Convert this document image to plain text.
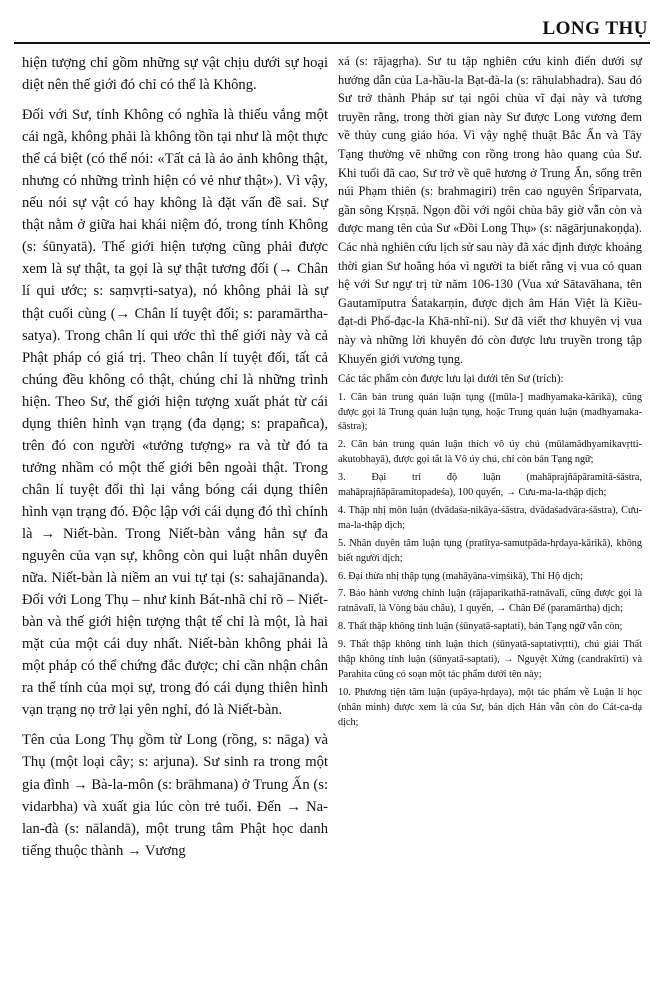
LONG THỤ

hiện tượng chỉ gồm những sự vật chịu dưới sự hoại diệt nên thế giới đó chỉ có thể là Không.

Đối với Sư, tính Không có nghĩa là thiếu vắng một cái ngã, không phải là không tồn tại như là một thực thể cá biệt (có thể nói: «Tất cả là ảo ảnh không thật, nhưng có những trình hiện có vẻ như thật»). Vì vậy, nếu nói sự vật có hay không là đặt vấn đề sai. Sự thật nằm ở giữa hai khái niệm đó, trong tính Không (s: śūnyatā). Thế giới hiện tượng cũng phải được xem là sự thật, ta gọi là sự thật tương đối (→ Chân lí qui ước; s: saṃvṛti-satya), nó không phải là sự thật cuối cùng (→ Chân lí tuyệt đối; s: paramārtha-satya). Trong chân lí qui ước thì thế giới này và cả Phật pháp có giá trị. Theo chân lí tuyệt đối, tất cả chúng đều không có thật, chúng chỉ là những trình hiện. Theo Sư, thế giới hiện tượng xuất phát từ cái dụng thiên hình vạn trạng (đa dạng; s: prapañca), trên đó con người «tưởng tượng» ra và từ đó ta tưởng nhầm có một thế giới bên ngoài thật. Trong chân lí tuyệt đối thì lại vắng bóng cái dụng thiên hình vạn trạng đó. Độc lập với cái dụng đó thì chính là → Niết-bàn. Trong Niết-bàn vắng hẳn sự đa nguyên của vạn sự, không còn qui luật nhân duyên nữa. Niết-bàn là niềm an vui tự tại (s: sahajānanda). Đối với Long Thụ – như kinh Bát-nhã chỉ rõ – Niết-bàn và thế giới hiện tượng thật tế chỉ là một, là hai mặt của một cái duy nhất. Niết-bàn không phải là một pháp có thể chứng đắc được; chỉ cần nhận chân ra thể tính của mọi sự, trong đó cái dụng thiên hình vạn trạng nọ trở lại yên nghỉ, đó là Niết-bàn.

Tên của Long Thụ gồm từ Long (rồng, s: nāga) và Thụ (một loại cây; s: arjuna). Sư sinh ra trong một gia đình → Bà-la-môn (s: brāhmana) ở Trung Ấn (s: vidarbha) và xuất gia lúc còn trẻ tuổi. Đến → Na-lan-đà (s: nālandā), một trung tâm Phật học danh tiếng thuộc thành → Vương

xá (s: rājagṛha). Sư tu tập nghiên cứu kinh điển dưới sự hướng dẫn của La-hầu-la Bạt-đà-la (s: rāhulabhadra). Sau đó Sư trở thành Pháp sư tại ngôi chùa vĩ đại này và tương truyền rằng, trong thời gian này Sư được Long vương đem về thủy cung giáo hóa. Vì vậy nghệ thuật Bắc Ấn và Tây Tạng thường vẽ những con rồng trong hào quang của Sư. Khi tuổi đã cao, Sư trở về quê hương ở Trung Ấn, sống trên núi Phạm thiên (s: brahmagiri) trên cao nguyên Śrīparvata, gần sông Kṛṣṇā. Ngọn đồi với ngôi chùa bây giờ vẫn còn và được mang tên của Sư «Đồi Long Thụ» (s: nāgārjunakoṇḍa). Các nhà nghiên cứu lịch sử sau này đã xác định được khoảng thời gian Sư hoằng hóa vì người ta biết rằng vị vua có quan hệ với Sư ngự trị từ năm 106-130 (Vua xứ Sātavāhana, tên Gautamīputra Śatakarṇin, được dịch âm Hán Việt là Kiều-đạt-di Phổ-đạc-la Khā-nhĩ-ni). Sư đã viết thơ khuyên vị vua này và những lời khuyên đó còn được lưu truyền trong tập Khuyến giới vương tụng.

Các tác phẩm còn được lưu lại dưới tên Sư (trích):

1. Căn bản trung quán luận tụng ([mūla-] madhyamaka-kārikā), cũng được gọi là Trung quán luận tụng, hoặc Trung quán luận (madhyamaka-śāstra);

2. Căn bản trung quán luận thích vô úy chú (mūlamādhyamikavṛtti-akutobhayā), được gọi tắt là Vô úy chú, chỉ còn bản Tạng ngữ;

3. Đại trí độ luận (mahāprajñāpāramitā-śāstra, mahāprajñāpāramitopadeśa), 100 quyển, → Cưu-ma-la-thập dịch;

4. Thập nhị môn luận (dvādaśa-nikāya-śāstra, dvādaśadvāra-śāstra), Cưu-ma-la-thập dịch;

5. Nhân duyên tâm luận tụng (pratītya-samutpāda-hṛdaya-kārikā), không biết người dịch;

6. Đại thừa nhị thập tụng (mahāyāna-viṃśikā), Thi Hộ dịch;

7. Bảo hành vương chính luận (rājaparikathā-ratnāvalī, cũng được gọi là ratnāvalī, là Vòng báu châu), 1 quyển, → Chân Đế (paramārtha) dịch;

8. Thất thập không tính luận (śūnyatā-saptati), bản Tạng ngữ vẫn còn;

9. Thất thập không tính luận thích (śūnyatā-saptativṛtti), chú giải Thất thập không tính luận (śūnyatā-saptati), → Nguyệt Xứng (candrakīrti) và Parahita cũng có soạn một tác phẩm dưới tên này;

10. Phương tiện tâm luận (upāya-hṛdaya), một tác phẩm về Luận lí học (nhân minh) được xem là của Sư, bản dịch Hán vẫn còn do Cát-ca-dạ dịch;
